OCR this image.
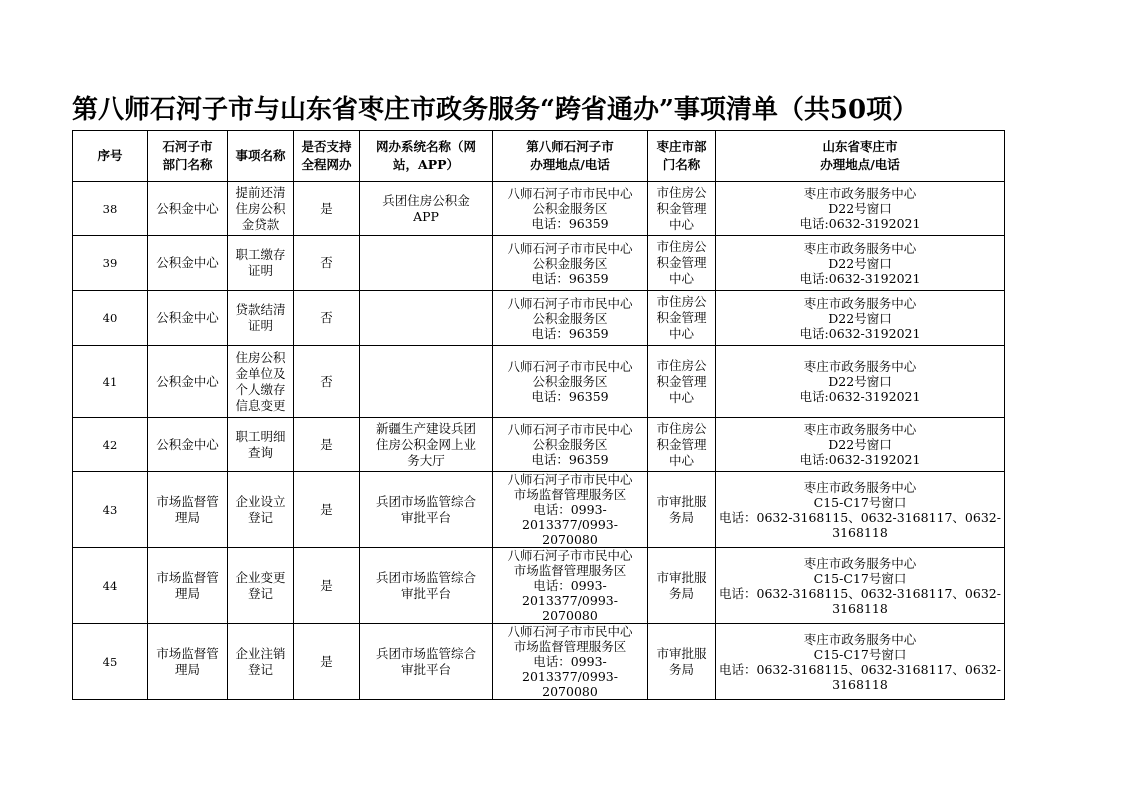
第八师石河子市与山东省枣庄市政务服务“跨省通办”事项清单（共50项）
序号	石河子市
部门名称	事项名称	是否支持
全程网办	网办系统名称（网
站，APP）	第八师石河子市
办理地点/电话	枣庄市部
门名称	山东省枣庄市
办理地点/电话
38	公积金中心	提前还清
住房公积
金贷款	是	兵团住房公积金
APP	八师石河子市市民中心
公积金服务区
电话：96359	市住房公
积金管理
中心	枣庄市政务服务中心
D22号窗口
电话:0632-3192021
39	公积金中心	职工缴存
证明	否		八师石河子市市民中心
公积金服务区
电话：96359	市住房公
积金管理
中心	枣庄市政务服务中心
D22号窗口
电话:0632-3192021
40	公积金中心	贷款结清
证明	否		八师石河子市市民中心
公积金服务区
电话：96359	市住房公
积金管理
中心	枣庄市政务服务中心
D22号窗口
电话:0632-3192021
41	公积金中心	住房公积
金单位及
个人缴存
信息变更	否		八师石河子市市民中心
公积金服务区
电话：96359	市住房公
积金管理
中心	枣庄市政务服务中心
D22号窗口
电话:0632-3192021
42	公积金中心	职工明细
查询	是	新疆生产建设兵团
住房公积金网上业
务大厅	八师石河子市市民中心
公积金服务区
电话：96359	市住房公
积金管理
中心	枣庄市政务服务中心
D22号窗口
电话:0632-3192021
43	市场监督管
理局	企业设立
登记	是	兵团市场监管综合
审批平台	八师石河子市市民中心
市场监督管理服务区
电话：0993-
2013377/0993-2070080	市审批服
务局	枣庄市政务服务中心
C15-C17号窗口
电话：0632-3168115、0632-3168117、0632-
3168118
44	市场监督管
理局	企业变更
登记	是	兵团市场监管综合
审批平台	八师石河子市市民中心
市场监督管理服务区
电话：0993-
2013377/0993-2070080	市审批服
务局	枣庄市政务服务中心
C15-C17号窗口
电话：0632-3168115、0632-3168117、0632-
3168118
45	市场监督管
理局	企业注销
登记	是	兵团市场监管综合
审批平台	八师石河子市市民中心
市场监督管理服务区
电话：0993-
2013377/0993-2070080	市审批服
务局	枣庄市政务服务中心
C15-C17号窗口
电话：0632-3168115、0632-3168117、0632-
3168118
